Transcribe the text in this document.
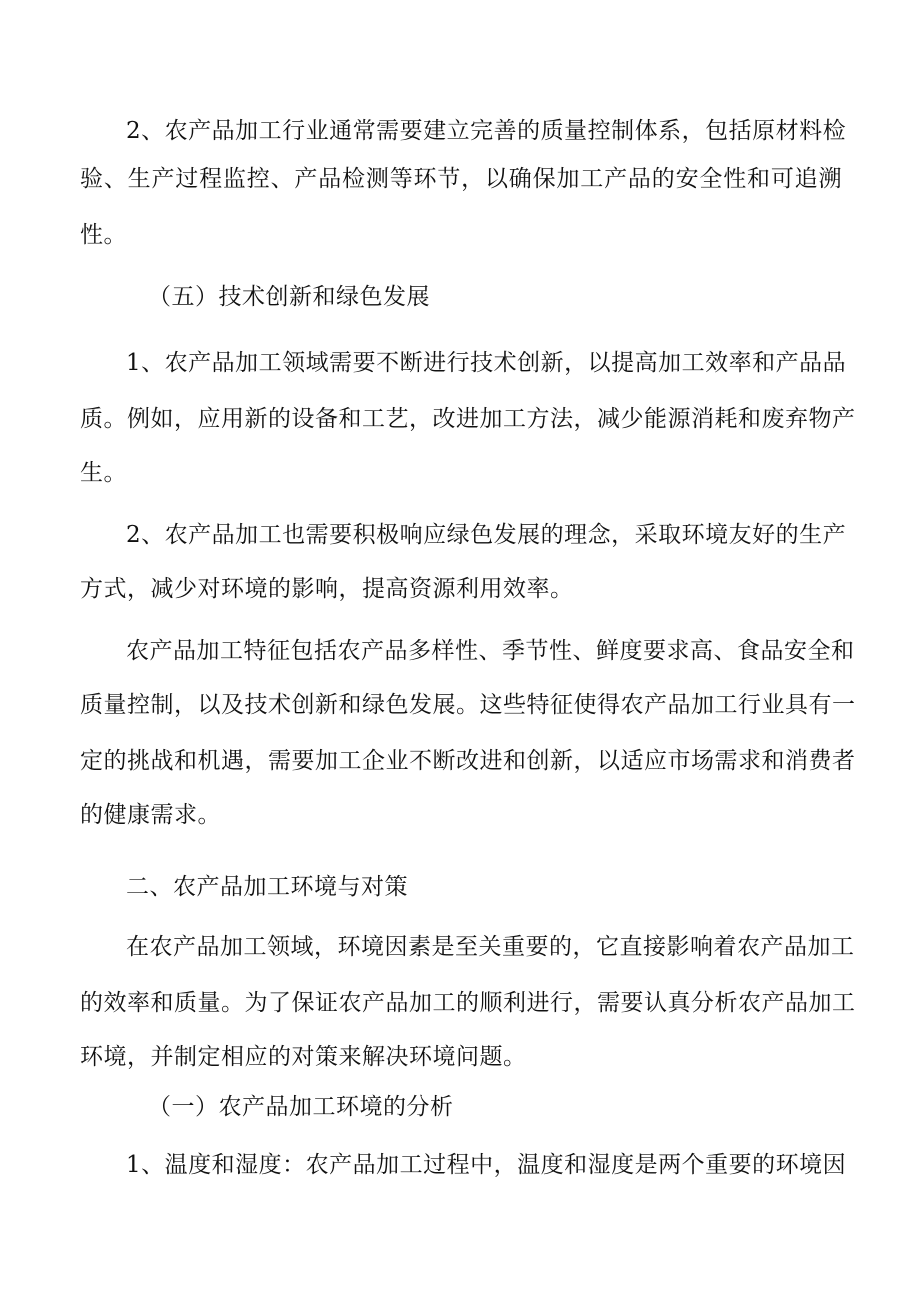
2、农产品加工行业通常需要建立完善的质量控制体系，包括原材料检
验、生产过程监控、产品检测等环节，以确保加工产品的安全性和可追溯
性。
（五）技术创新和绿色发展
1、农产品加工领域需要不断进行技术创新，以提高加工效率和产品品
质。例如，应用新的设备和工艺，改进加工方法，减少能源消耗和废弃物产
生。
2、农产品加工也需要积极响应绿色发展的理念，采取环境友好的生产
方式，减少对环境的影响，提高资源利用效率。
农产品加工特征包括农产品多样性、季节性、鲜度要求高、食品安全和
质量控制，以及技术创新和绿色发展。这些特征使得农产品加工行业具有一
定的挑战和机遇，需要加工企业不断改进和创新，以适应市场需求和消费者
的健康需求。
二、农产品加工环境与对策
在农产品加工领域，环境因素是至关重要的，它直接影响着农产品加工
的效率和质量。为了保证农产品加工的顺利进行，需要认真分析农产品加工
环境，并制定相应的对策来解决环境问题。
（一）农产品加工环境的分析
1、温度和湿度：农产品加工过程中，温度和湿度是两个重要的环境因
